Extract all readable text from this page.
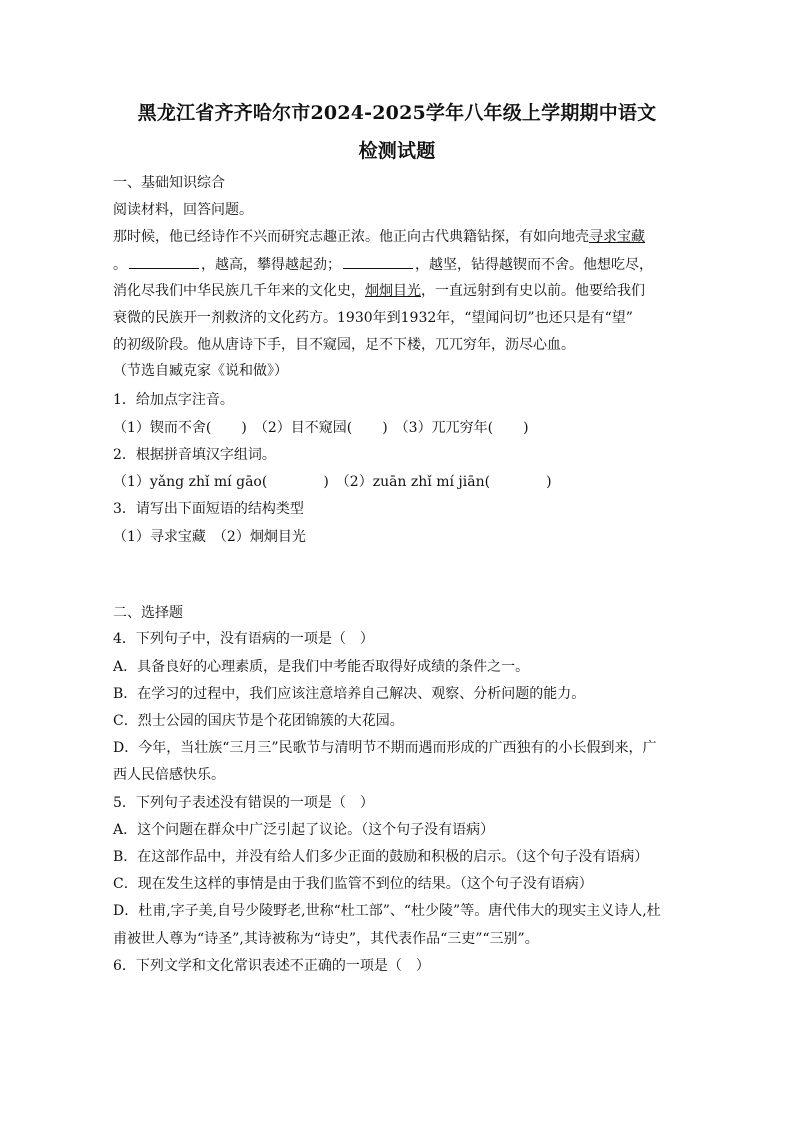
黑龙江省齐齐哈尔市2024-2025学年八年级上学期期中语文
检测试题
一、基础知识综合
阅读材料，回答问题。
那时候，他已经诗作不兴而研究志趣正浓。他正向古代典籍钻探，有如向地壳寻求宝藏
。	，越高，攀得越起劲；	，越坚，钻得越锲而不舍。他想吃尽，
消化尽我们中华民族几千年来的文化史，炯炯目光，一直远射到有史以前。他要给我们
衰微的民族开一剂救济的文化药方。1930年到1932年，“望闻问切”也还只是有“望”
的初级阶段。他从唐诗下手，目不窥园，足不下楼，兀兀穷年，沥尽心血。
（节选自臧克家《说和做》）
1．给加点字注音。
（1）锲而不舍( )　（2）目不窥园( )　（3）兀兀穷年( )
2．根据拼音填汉字组词。
（1）yǎng zhǐ mí gāo(	)　（2）zuān zhǐ mí jiān(	)
3．请写出下面短语的结构类型
（1）寻求宝藏　（2）炯炯目光
二、选择题
4．下列句子中，没有语病的一项是（　）
A．具备良好的心理素质，是我们中考能否取得好成绩的条件之一。
B．在学习的过程中，我们应该注意培养自己解决、观察、分析问题的能力。
C．烈士公园的国庆节是个花团锦簇的大花园。
D．今年，当壮族“三月三”民歌节与清明节不期而遇而形成的广西独有的小长假到来，广
西人民倍感快乐。
5．下列句子表述没有错误的一项是（　）
A．这个问题在群众中广泛引起了议论。（这个句子没有语病）
B．在这部作品中，并没有给人们多少正面的鼓励和积极的启示。（这个句子没有语病）
C．现在发生这样的事情是由于我们监管不到位的结果。（这个句子没有语病）
D．杜甫,字子美,自号少陵野老,世称“杜工部”、“杜少陵”等。唐代伟大的现实主义诗人,杜
甫被世人尊为“诗圣”,其诗被称为“诗史”，其代表作品“三吏”“三别”。
6．下列文学和文化常识表述不正确的一项是（　）
